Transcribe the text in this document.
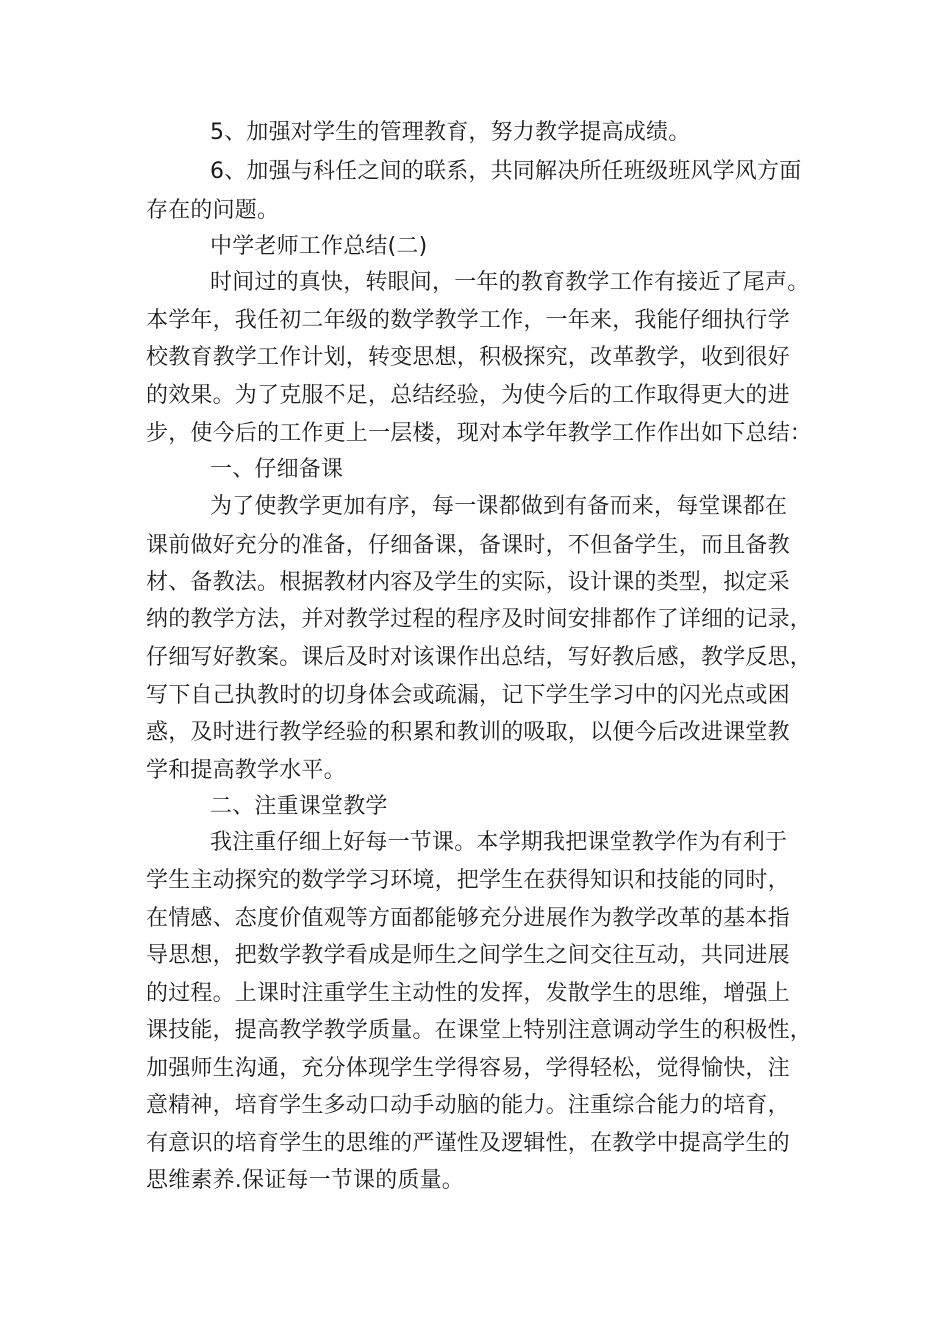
5、加强对学生的管理教育，努力教学提高成绩。
6、加强与科任之间的联系，共同解决所任班级班风学风方面
存在的问题。
中学老师工作总结(二)
时间过的真快，转眼间，一年的教育教学工作有接近了尾声。
本学年，我任初二年级的数学教学工作，一年来，我能仔细执行学
校教育教学工作计划，转变思想，积极探究，改革教学，收到很好
的效果。为了克服不足，总结经验，为使今后的工作取得更大的进
步，使今后的工作更上一层楼，现对本学年教学工作作出如下总结：
一、仔细备课
为了使教学更加有序，每一课都做到有备而来，每堂课都在
课前做好充分的准备，仔细备课，备课时，不但备学生，而且备教
材、备教法。根据教材内容及学生的实际，设计课的类型，拟定采
纳的教学方法，并对教学过程的程序及时间安排都作了详细的记录，
仔细写好教案。课后及时对该课作出总结，写好教后感，教学反思，
写下自己执教时的切身体会或疏漏，记下学生学习中的闪光点或困
惑，及时进行教学经验的积累和教训的吸取，以便今后改进课堂教
学和提高教学水平。
二、注重课堂教学
我注重仔细上好每一节课。本学期我把课堂教学作为有利于
学生主动探究的数学学习环境，把学生在获得知识和技能的同时，
在情感、态度价值观等方面都能够充分进展作为教学改革的基本指
导思想，把数学教学看成是师生之间学生之间交往互动，共同进展
的过程。上课时注重学生主动性的发挥，发散学生的思维，增强上
课技能，提高教学教学质量。在课堂上特别注意调动学生的积极性，
加强师生沟通，充分体现学生学得容易，学得轻松，觉得愉快，注
意精神，培育学生多动口动手动脑的能力。注重综合能力的培育，
有意识的培育学生的思维的严谨性及逻辑性，在教学中提高学生的
思维素养.保证每一节课的质量。
